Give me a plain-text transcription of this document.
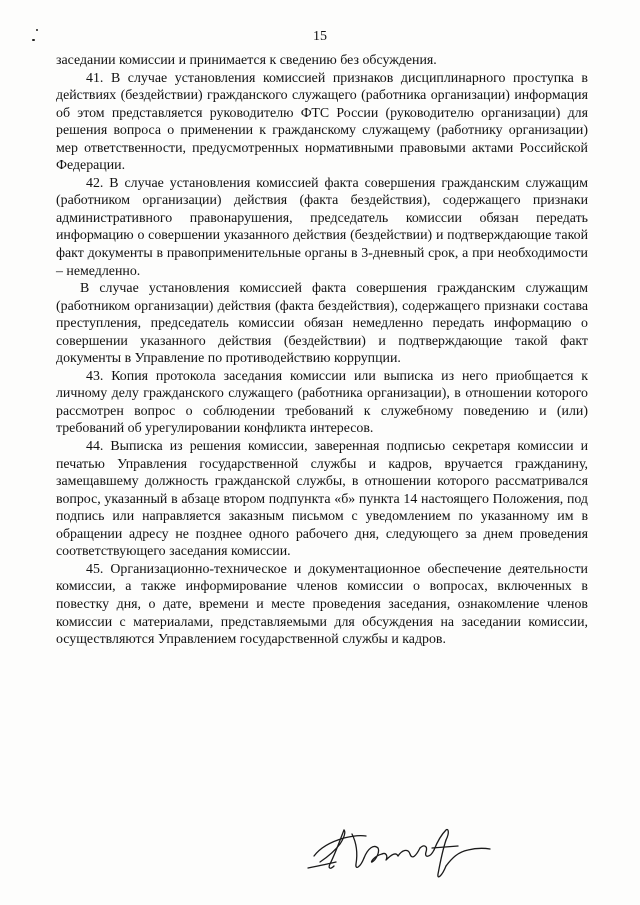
15

заседании комиссии и принимается к сведению без обсуждения.

41. В случае установления комиссией признаков дисциплинарного проступка в действиях (бездействии) гражданского служащего (работника организации) информация об этом представляется руководителю ФТС России (руководителю организации) для решения вопроса о применении к гражданскому служащему (работнику организации) мер ответственности, предусмотренных нормативными правовыми актами Российской Федерации.

42. В случае установления комиссией факта совершения гражданским служащим (работником организации) действия (факта бездействия), содержащего признаки административного правонарушения, председатель комиссии обязан передать информацию о совершении указанного действия (бездействии) и подтверждающие такой факт документы в правоприменительные органы в 3-дневный срок, а при необходимости – немедленно.

В случае установления комиссией факта совершения гражданским служащим (работником организации) действия (факта бездействия), содержащего признаки состава преступления, председатель комиссии обязан немедленно передать информацию о совершении указанного действия (бездействии) и подтверждающие такой факт документы в Управление по противодействию коррупции.

43. Копия протокола заседания комиссии или выписка из него приобщается к личному делу гражданского служащего (работника организации), в отношении которого рассмотрен вопрос о соблюдении требований к служебному поведению и (или) требований об урегулировании конфликта интересов.

44. Выписка из решения комиссии, заверенная подписью секретаря комиссии и печатью Управления государственной службы и кадров, вручается гражданину, замещавшему должность гражданской службы, в отношении которого рассматривался вопрос, указанный в абзаце втором подпункта «б» пункта 14 настоящего Положения, под подпись или направляется заказным письмом с уведомлением по указанному им в обращении адресу не позднее одного рабочего дня, следующего за днем проведения соответствующего заседания комиссии.

45. Организационно-техническое и документационное обеспечение деятельности комиссии, а также информирование членов комиссии о вопросах, включенных в повестку дня, о дате, времени и месте проведения заседания, ознакомление членов комиссии с материалами, представляемыми для обсуждения на заседании комиссии, осуществляются Управлением государственной службы и кадров.
